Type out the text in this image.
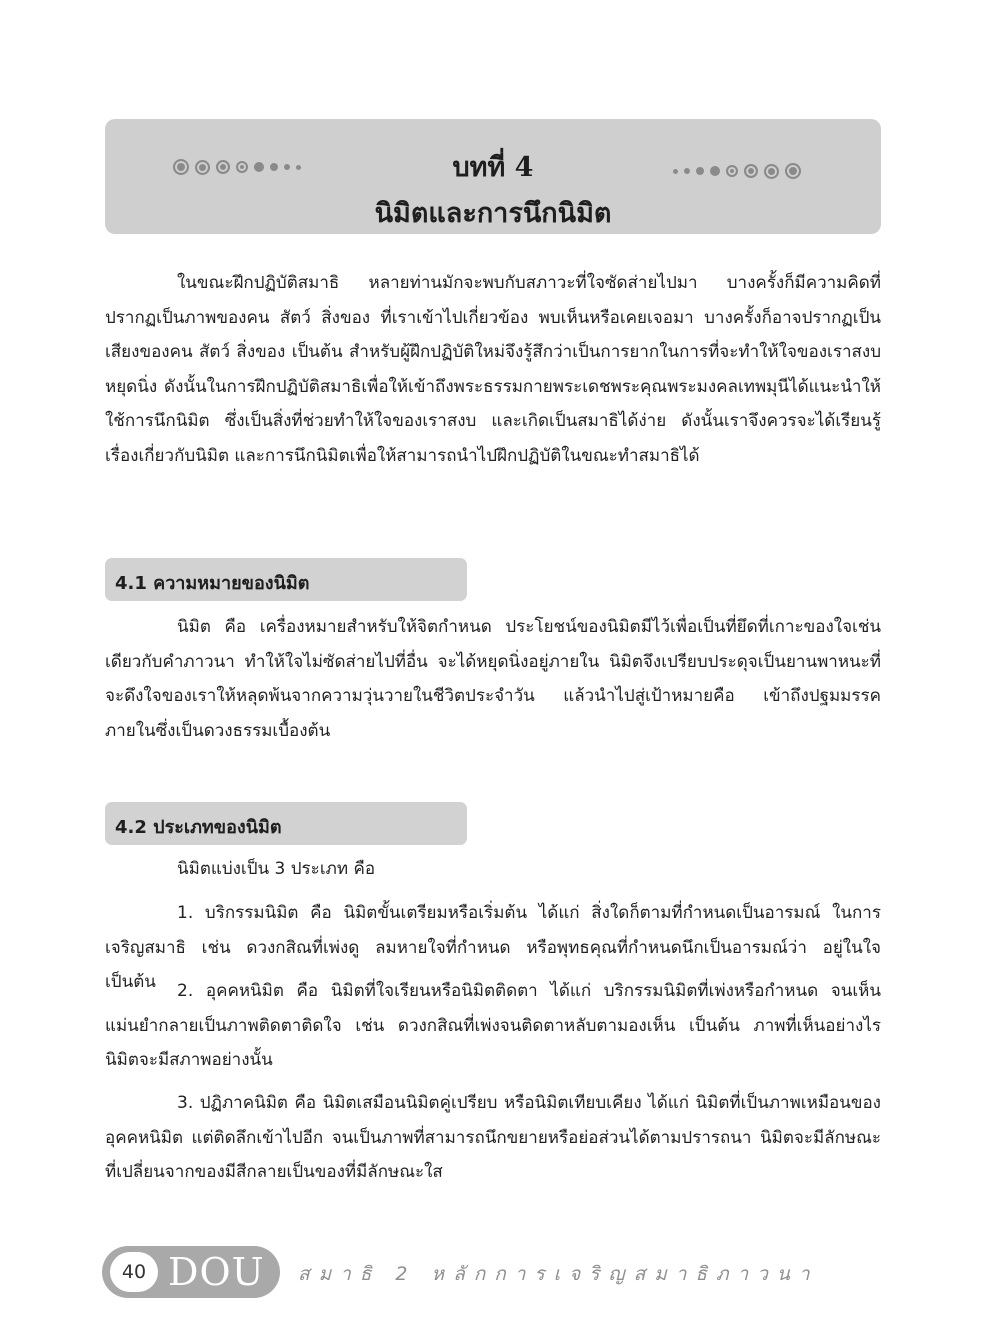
บทที่ 4
นิมิตและการนึกนิมิต

ในขณะฝึกปฏิบัติสมาธิ หลายท่านมักจะพบกับสภาวะที่ใจซัดส่ายไปมา บางครั้งก็มีความคิดที่ปรากฏเป็นภาพของคน สัตว์ สิ่งของ ที่เราเข้าไปเกี่ยวข้อง พบเห็นหรือเคยเจอมา บางครั้งก็อาจปรากฏเป็นเสียงของคน สัตว์ สิ่งของ เป็นต้น สำหรับผู้ฝึกปฏิบัติใหม่จึงรู้สึกว่าเป็นการยากในการที่จะทำให้ใจของเราสงบหยุดนิ่ง ดังนั้นในการฝึกปฏิบัติสมาธิเพื่อให้เข้าถึงพระธรรมกายพระเดชพระคุณพระมงคลเทพมุนีได้แนะนำให้ใช้การนึกนิมิต ซึ่งเป็นสิ่งที่ช่วยทำให้ใจของเราสงบ และเกิดเป็นสมาธิได้ง่าย ดังนั้นเราจึงควรจะได้เรียนรู้เรื่องเกี่ยวกับนิมิต และการนึกนิมิตเพื่อให้สามารถนำไปฝึกปฏิบัติในขณะทำสมาธิได้

4.1 ความหมายของนิมิต

นิมิต คือ เครื่องหมายสำหรับให้จิตกำหนด ประโยชน์ของนิมิตมีไว้เพื่อเป็นที่ยึดที่เกาะของใจเช่นเดียวกับคำภาวนา ทำให้ใจไม่ซัดส่ายไปที่อื่น จะได้หยุดนิ่งอยู่ภายใน นิมิตจึงเปรียบประดุจเป็นยานพาหนะที่จะดึงใจของเราให้หลุดพ้นจากความวุ่นวายในชีวิตประจำวัน แล้วนำไปสู่เป้าหมายคือ เข้าถึงปฐมมรรคภายในซึ่งเป็นดวงธรรมเบื้องต้น

4.2 ประเภทของนิมิต

นิมิตแบ่งเป็น 3 ประเภท คือ

1. บริกรรมนิมิต คือ นิมิตขั้นเตรียมหรือเริ่มต้น ได้แก่ สิ่งใดก็ตามที่กำหนดเป็นอารมณ์ ในการเจริญสมาธิ เช่น ดวงกสิณที่เพ่งดู ลมหายใจที่กำหนด หรือพุทธคุณที่กำหนดนึกเป็นอารมณ์ว่า อยู่ในใจ เป็นต้น	2. อุคคหนิมิต คือ นิมิตที่ใจเรียนหรือนิมิตติดตา ได้แก่ บริกรรมนิมิตที่เพ่งหรือกำหนด จนเห็นแม่นยำกลายเป็นภาพติดตาติดใจ เช่น ดวงกสิณที่เพ่งจนติดตาหลับตามองเห็น เป็นต้น ภาพที่เห็นอย่างไร นิมิตจะมีสภาพอย่างนั้น

3. ปฏิภาคนิมิต คือ นิมิตเสมือนนิมิตคู่เปรียบ หรือนิมิตเทียบเคียง ได้แก่ นิมิตที่เป็นภาพเหมือนของอุคคหนิมิต แต่ติดลึกเข้าไปอีก จนเป็นภาพที่สามารถนึกขยายหรือย่อส่วนได้ตามปรารถนา นิมิตจะมีลักษณะที่เปลี่ยนจากของมีสีกลายเป็นของที่มีลักษณะใส

40 DOU สมาธิ 2 หลักการเจริญสมาธิภาวนา
